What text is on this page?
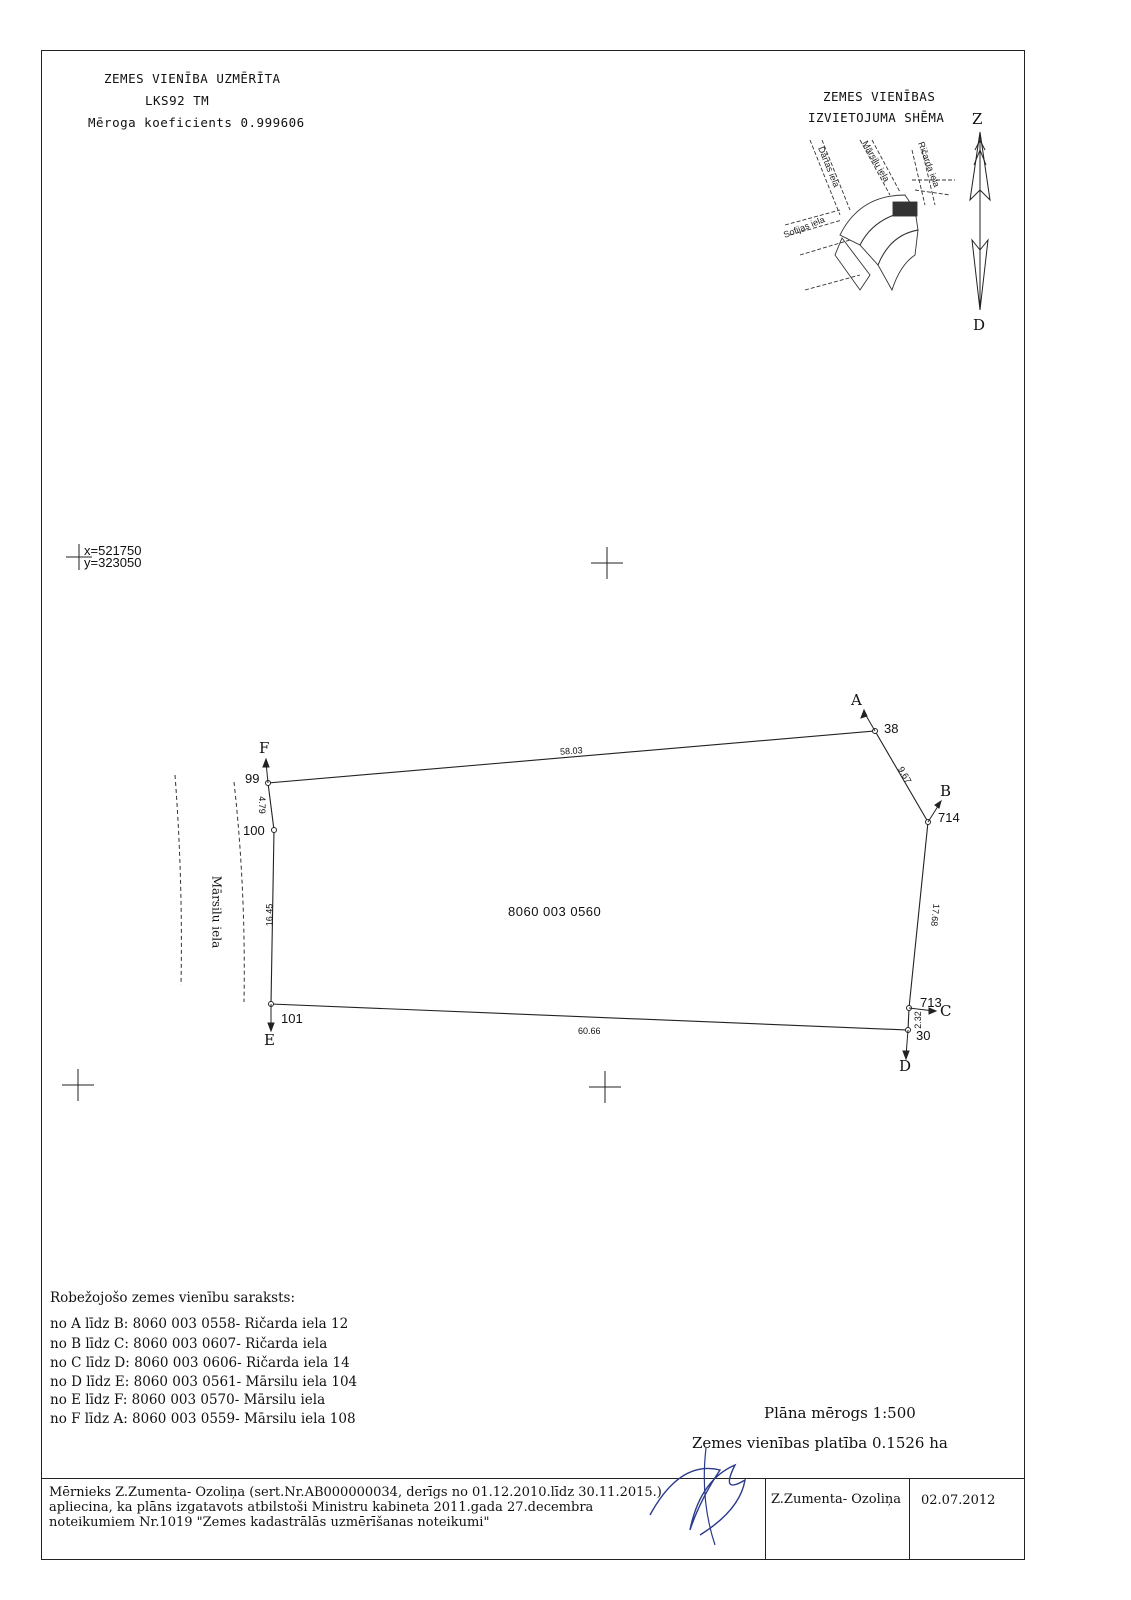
ZEMES VIENĪBA UZMĒRĪTA
LKS92 TM
Mēroga koeficients 0.999606
ZEMES VIENĪBAS
IZVIETOJUMA SHĒMA Z
D
x=521750
y=323050
Dārtas iela Mārsilu iela	Ričarda iela
Sofijas iela
38
714
713
30
101
99
100
A
B
C
D
E
F	58.03
9.67
17.68
2.32
60.66
16.45
4.79
8060 003 0560
Mārsilu iela
Robežojošo zemes vienību saraksts:
no A līdz B: 8060 003 0558- Ričarda iela 12
no B līdz C: 8060 003 0607- Ričarda iela
no C līdz D: 8060 003 0606- Ričarda iela 14
no D līdz E: 8060 003 0561- Mārsilu iela 104
no E līdz F: 8060 003 0570- Mārsilu iela
no F līdz A: 8060 003 0559- Mārsilu iela 108	Plāna mērogs 1:500
Zemes vienības platība 0.1526 ha
Mērnieks Z.Zumenta- Ozoliņa (sert.Nr.AB000000034, derīgs no 01.12.2010.līdz 30.11.2015.)
apliecina, ka plāns izgatavots atbilstoši Ministru kabineta 2011.gada 27.decembra
noteikumiem Nr.1019 "Zemes kadastrālās uzmērīšanas noteikumi"
Z.Zumenta- Ozoliņa 02.07.2012
